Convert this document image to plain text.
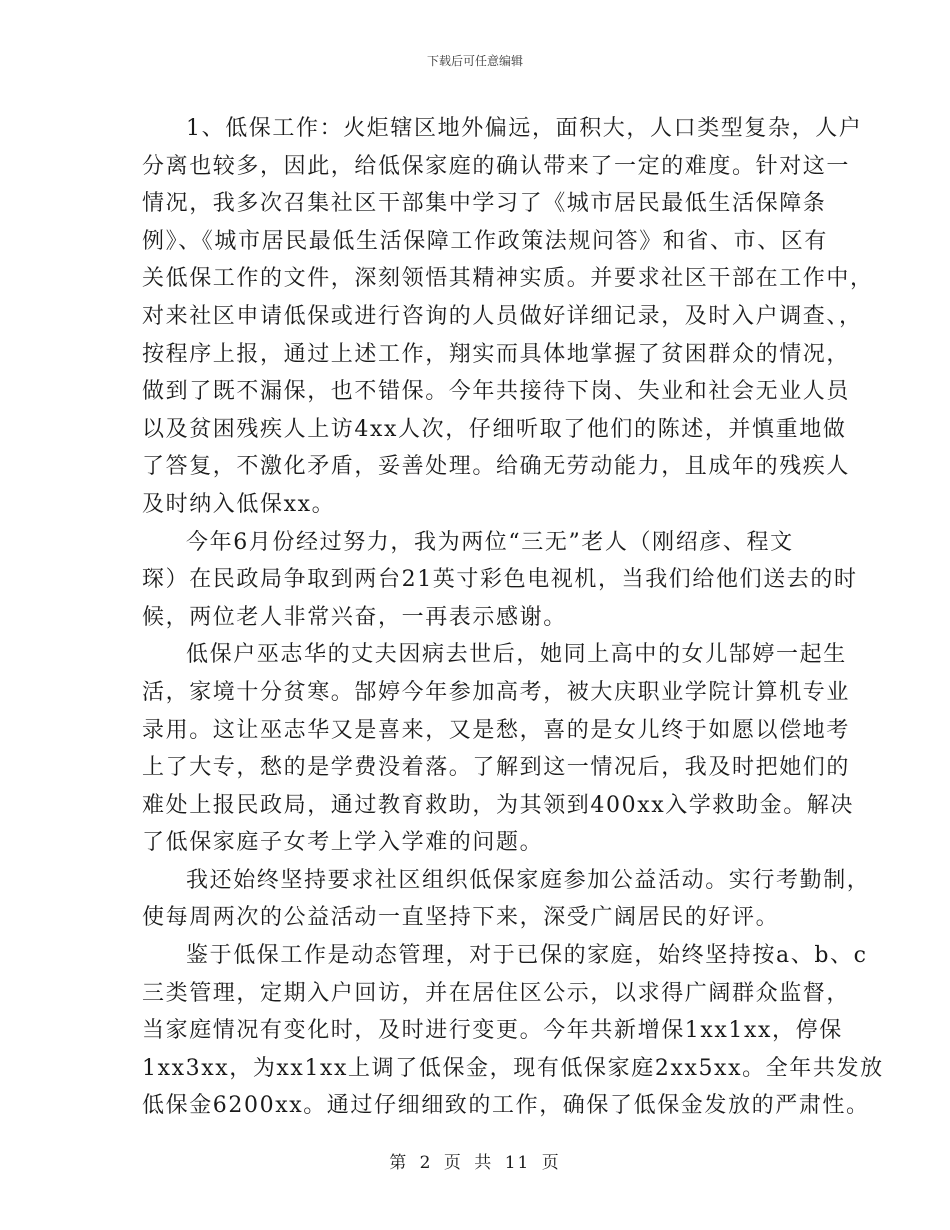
下载后可任意编辑
1、低保工作：火炬辖区地外偏远，面积大，人口类型复杂，人户
分离也较多，因此，给低保家庭的确认带来了一定的难度。针对这一
情况，我多次召集社区干部集中学习了《城市居民最低生活保障条
例》、《城市居民最低生活保障工作政策法规问答》和省、市、区有
关低保工作的文件，深刻领悟其精神实质。并要求社区干部在工作中，
对来社区申请低保或进行咨询的人员做好详细记录，及时入户调查、，
按程序上报，通过上述工作，翔实而具体地掌握了贫困群众的情况，
做到了既不漏保，也不错保。今年共接待下岗、失业和社会无业人员
以及贫困残疾人上访4xx人次，仔细听取了他们的陈述，并慎重地做
了答复，不激化矛盾，妥善处理。给确无劳动能力，且成年的残疾人
及时纳入低保xx。
今年6月份经过努力，我为两位“三无”老人（刚绍彦、程文
琛）在民政局争取到两台21英寸彩色电视机，当我们给他们送去的时
候，两位老人非常兴奋，一再表示感谢。
低保户巫志华的丈夫因病去世后，她同上高中的女儿郜婷一起生
活，家境十分贫寒。郜婷今年参加高考，被大庆职业学院计算机专业
录用。这让巫志华又是喜来，又是愁，喜的是女儿终于如愿以偿地考
上了大专，愁的是学费没着落。了解到这一情况后，我及时把她们的
难处上报民政局，通过教育救助，为其领到400xx入学救助金。解决
了低保家庭子女考上学入学难的问题。
我还始终坚持要求社区组织低保家庭参加公益活动。实行考勤制，
使每周两次的公益活动一直坚持下来，深受广阔居民的好评。
鉴于低保工作是动态管理，对于已保的家庭，始终坚持按a、b、c
三类管理，定期入户回访，并在居住区公示，以求得广阔群众监督，
当家庭情况有变化时，及时进行变更。今年共新增保1xx1xx，停保
1xx3xx，为xx1xx上调了低保金，现有低保家庭2xx5xx。全年共发放
低保金6200xx。通过仔细细致的工作，确保了低保金发放的严肃性。
第 2 页 共 11 页
